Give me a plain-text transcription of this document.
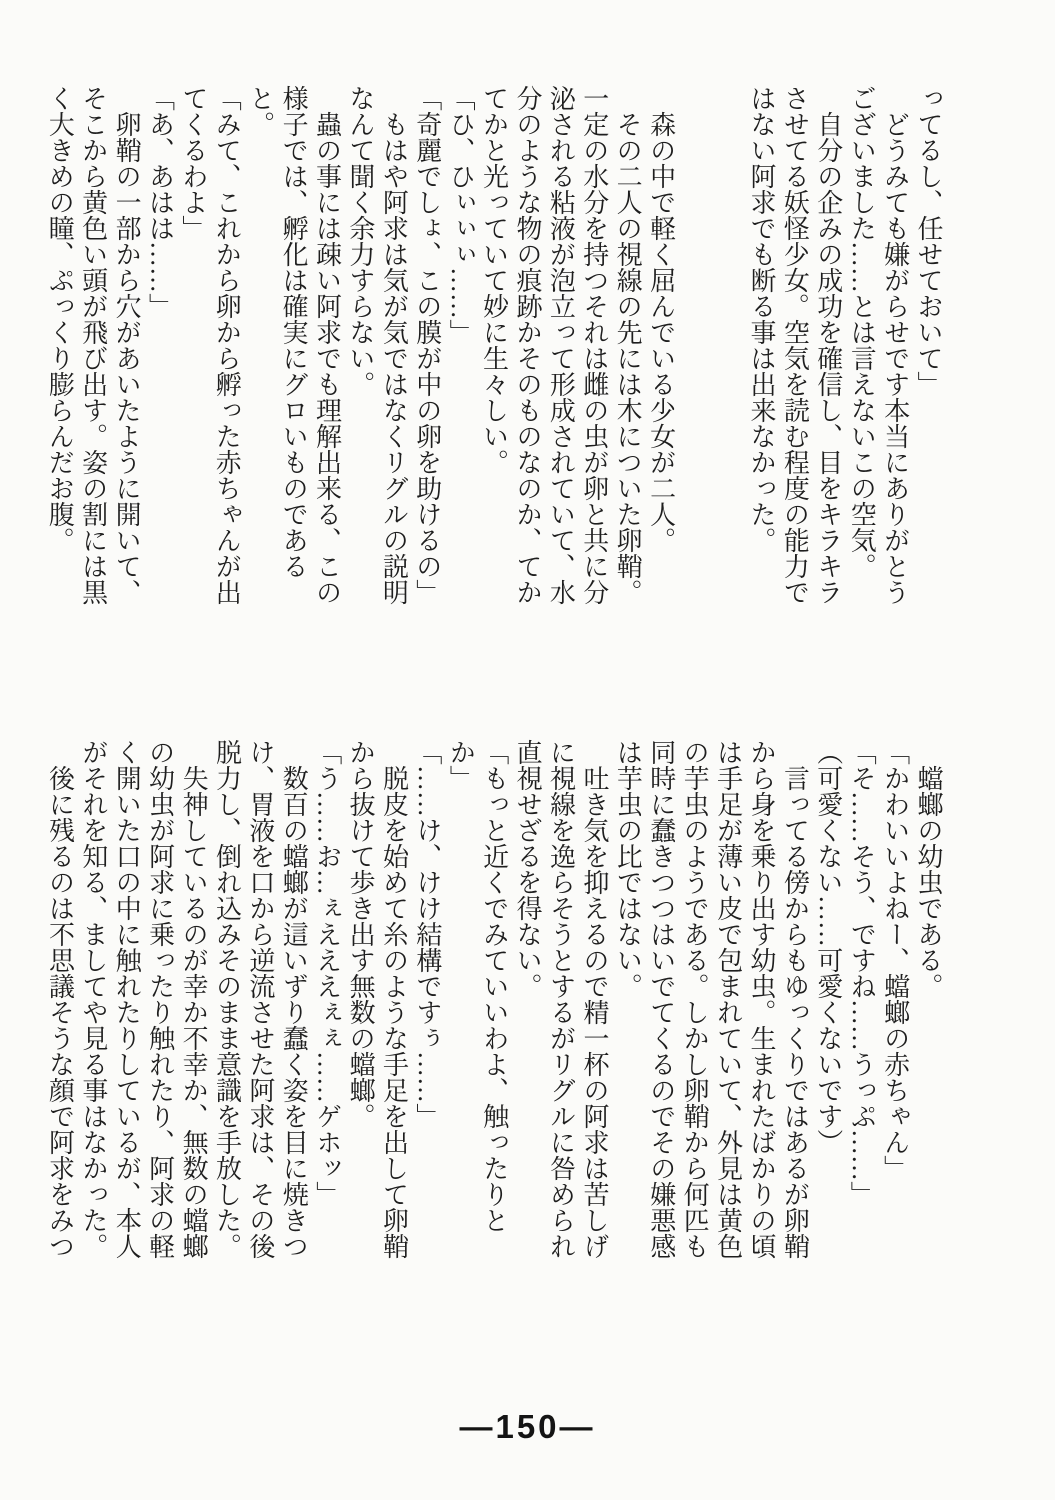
ってるし、任せておいて」

どうみても嫌がらせです本当にありがとうございました……とは言えないこの空気。

自分の企みの成功を確信し、目をキラキラさせてる妖怪少女。空気を読む程度の能力ではない阿求でも断る事は出来なかった。

森の中で軽く屈んでいる少女が二人。

その二人の視線の先には木についた卵鞘。

一定の水分を持つそれは雌の虫が卵と共に分泌される粘液が泡立って形成されていて、水分のような物の痕跡かそのものなのか、てかてかと光っていて妙に生々しい。

「ひ、ひぃぃぃ……」

「奇麗でしょ、この膜が中の卵を助けるの」

もはや阿求は気が気ではなくリグルの説明なんて聞く余力すらない。

蟲の事には疎い阿求でも理解出来る、この様子では、孵化は確実にグロいものであると。

「みて、これから卵から孵った赤ちゃんが出てくるわよ」

「あ、あはは……」

卵鞘の一部から穴があいたように開いて、そこから黄色い頭が飛び出す。姿の割には黒く大きめの瞳、ぷっくり膨らんだお腹。

蟷螂の幼虫である。

「かわいいよねー、蟷螂の赤ちゃん」

「そ……そう、ですね……うっぷ……」

（可愛くない……可愛くないです）

言ってる傍からもゆっくりではあるが卵鞘から身を乗り出す幼虫。生まれたばかりの頃は手足が薄い皮で包まれていて、外見は黄色の芋虫のようである。しかし卵鞘から何匹も同時に蠢きつつはいでてくるのでその嫌悪感は芋虫の比ではない。

吐き気を抑えるので精一杯の阿求は苦しげに視線を逸らそうとするがリグルに咎められ直視せざるを得ない。

「もっと近くでみていいわよ、触ったりとか」

「……け、けけ結構ですぅ……」

脱皮を始めて糸のような手足を出して卵鞘から抜けて歩き出す無数の蟷螂。

「う……お…ぇえええぇぇ……ゲホッ」

数百の蟷螂が這いずり蠢く姿を目に焼きつけ、胃液を口から逆流させた阿求は、その後脱力し、倒れ込みそのまま意識を手放した。

失神しているのが幸か不幸か、無数の蟷螂の幼虫が阿求に乗ったり触れたり、阿求の軽く開いた口の中に触れたりしているが、本人がそれを知る、ましてや見る事はなかった。

後に残るのは不思議そうな顔で阿求をみつ

―150―
